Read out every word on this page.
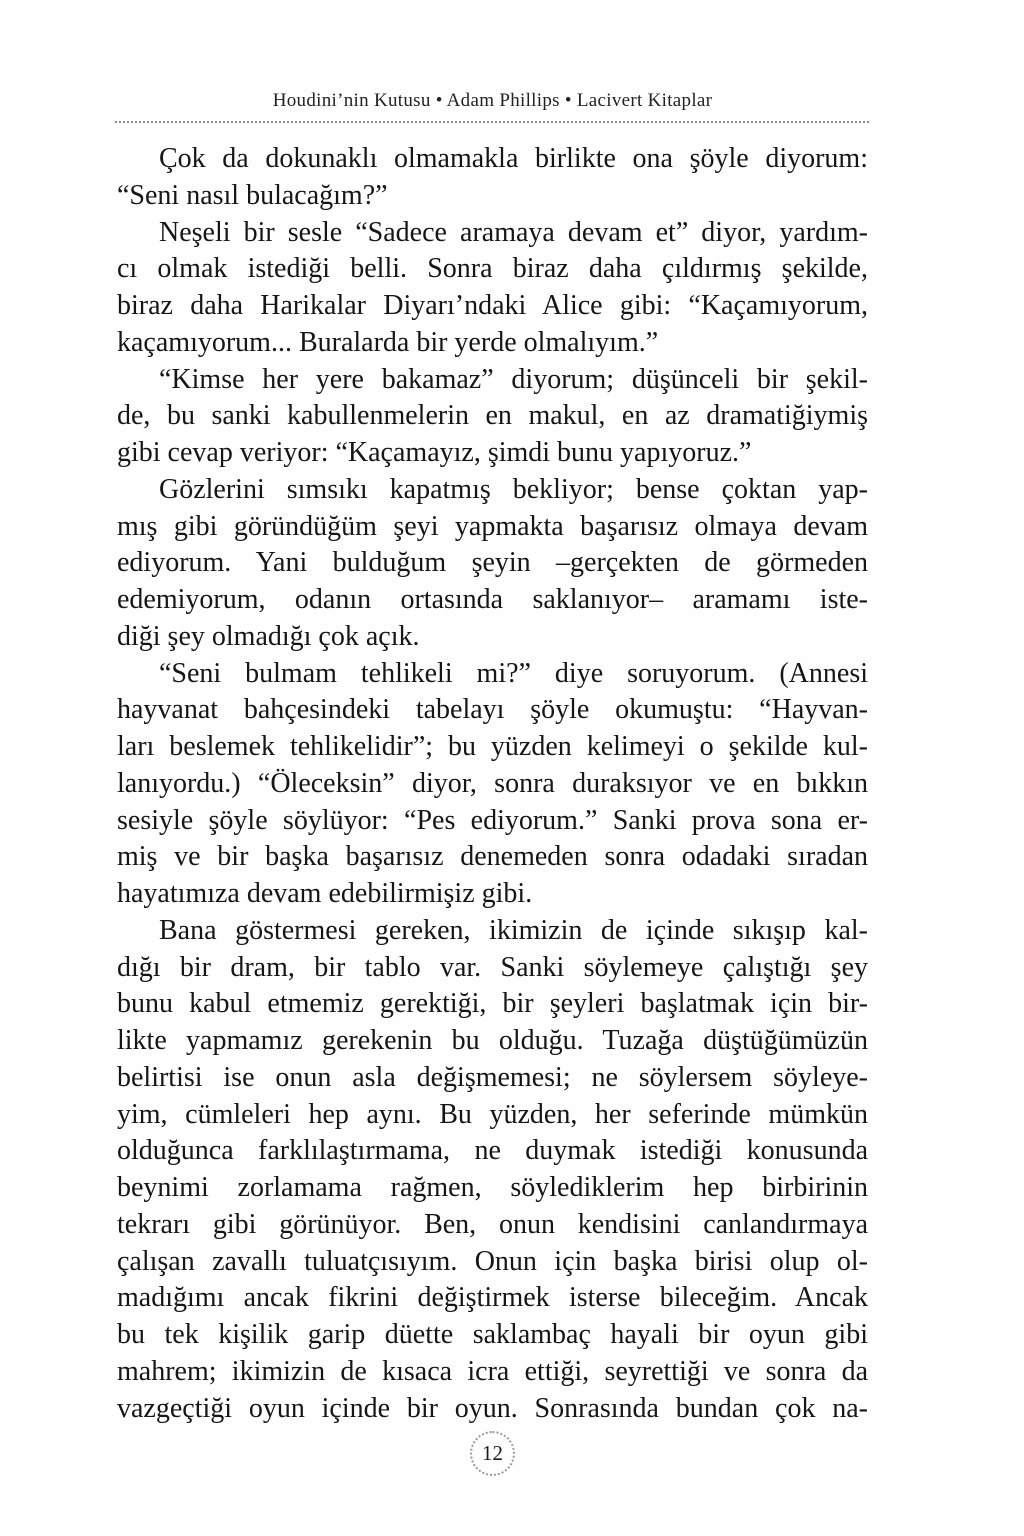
Houdini’nin Kutusu • Adam Phillips • Lacivert Kitaplar
Çok da dokunaklı olmamakla birlikte ona şöyle diyorum:
“Seni nasıl bulacağım?”
Neşeli bir sesle “Sadece aramaya devam et” diyor, yardım-
cı olmak istediği belli. Sonra biraz daha çıldırmış şekilde,
biraz daha Harikalar Diyarı’ndaki Alice gibi: “Kaçamıyorum,
kaçamıyorum... Buralarda bir yerde olmalıyım.”
“Kimse her yere bakamaz” diyorum; düşünceli bir şekil-
de, bu sanki kabullenmelerin en makul, en az dramatiğiymiş
gibi cevap veriyor: “Kaçamayız, şimdi bunu yapıyoruz.”
Gözlerini sımsıkı kapatmış bekliyor; bense çoktan yap-
mış gibi göründüğüm şeyi yapmakta başarısız olmaya devam
ediyorum. Yani bulduğum şeyin –gerçekten de görmeden
edemiyorum, odanın ortasında saklanıyor– aramamı iste-
diği şey olmadığı çok açık.
“Seni bulmam tehlikeli mi?” diye soruyorum. (Annesi
hayvanat bahçesindeki tabelayı şöyle okumuştu: “Hayvan-
ları beslemek tehlikelidir”; bu yüzden kelimeyi o şekilde kul-
lanıyordu.) “Öleceksin” diyor, sonra duraksıyor ve en bıkkın
sesiyle şöyle söylüyor: “Pes ediyorum.” Sanki prova sona er-
miş ve bir başka başarısız denemeden sonra odadaki sıradan
hayatımıza devam edebilirmişiz gibi.
Bana göstermesi gereken, ikimizin de içinde sıkışıp kal-
dığı bir dram, bir tablo var. Sanki söylemeye çalıştığı şey
bunu kabul etmemiz gerektiği, bir şeyleri başlatmak için bir-
likte yapmamız gerekenin bu olduğu. Tuzağa düştüğümüzün
belirtisi ise onun asla değişmemesi; ne söylersem söyleye-
yim, cümleleri hep aynı. Bu yüzden, her seferinde mümkün
olduğunca farklılaştırmama, ne duymak istediği konusunda
beynimi zorlamama rağmen, söylediklerim hep birbirinin
tekrarı gibi görünüyor. Ben, onun kendisini canlandırmaya
çalışan zavallı tuluatçısıyım. Onun için başka birisi olup ol-
madığımı ancak fikrini değiştirmek isterse bileceğim. Ancak
bu tek kişilik garip düette saklambaç hayali bir oyun gibi
mahrem; ikimizin de kısaca icra ettiği, seyrettiği ve sonra da
vazgeçtiği oyun içinde bir oyun. Sonrasında bundan çok na-
12
